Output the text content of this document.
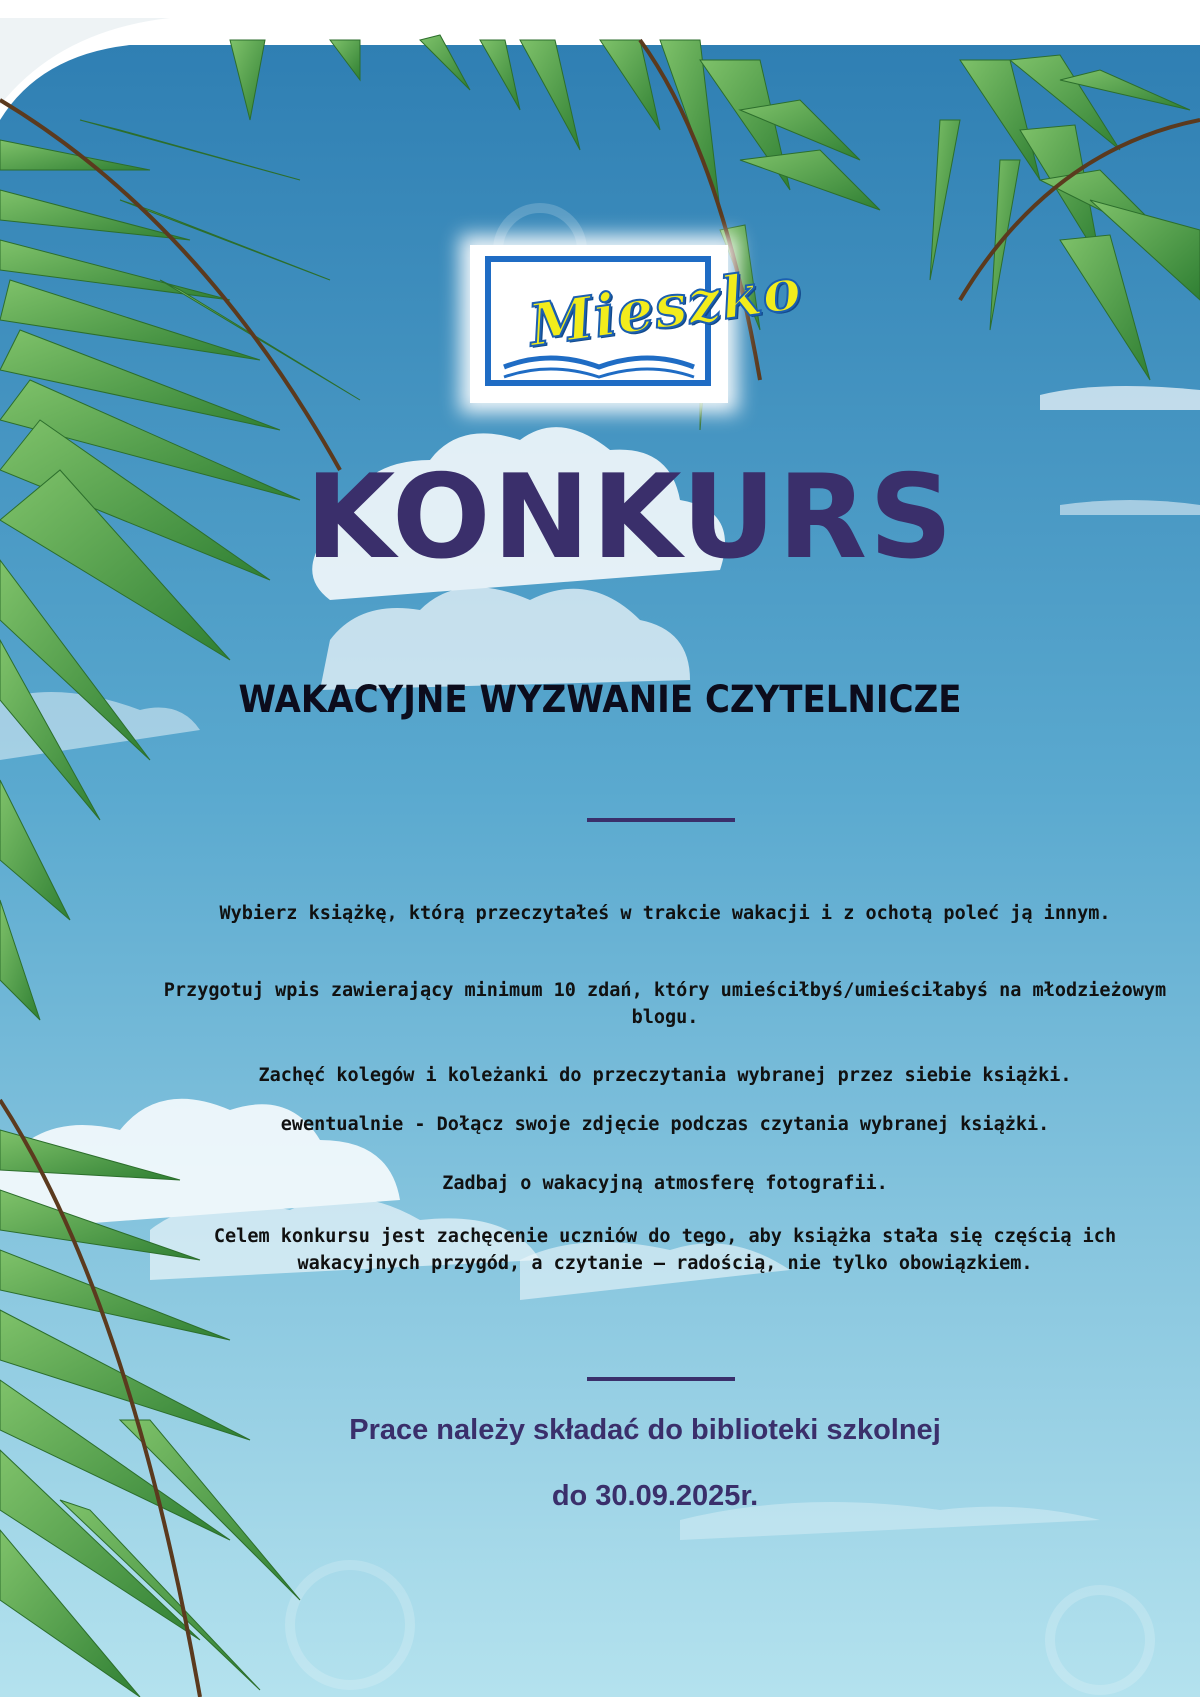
Mieszko
KONKURS
WAKACYJNE WYZWANIE CZYTELNICZE

Wybierz książkę, którą przeczytałeś w trakcie wakacji i z ochotą poleć ją innym.

Przygotuj wpis zawierający minimum 10 zdań, który umieściłbyś/umieściłabyś na młodzieżowym blogu.

Zachęć kolegów i koleżanki do przeczytania wybranej przez siebie książki.

ewentualnie - Dołącz swoje zdjęcie podczas czytania wybranej książki.

Zadbaj o wakacyjną atmosferę fotografii.

Celem konkursu jest zachęcenie uczniów do tego, aby książka stała się częścią ich wakacyjnych przygód, a czytanie – radością, nie tylko obowiązkiem.

Prace należy składać do biblioteki szkolnej

do 30.09.2025r.
